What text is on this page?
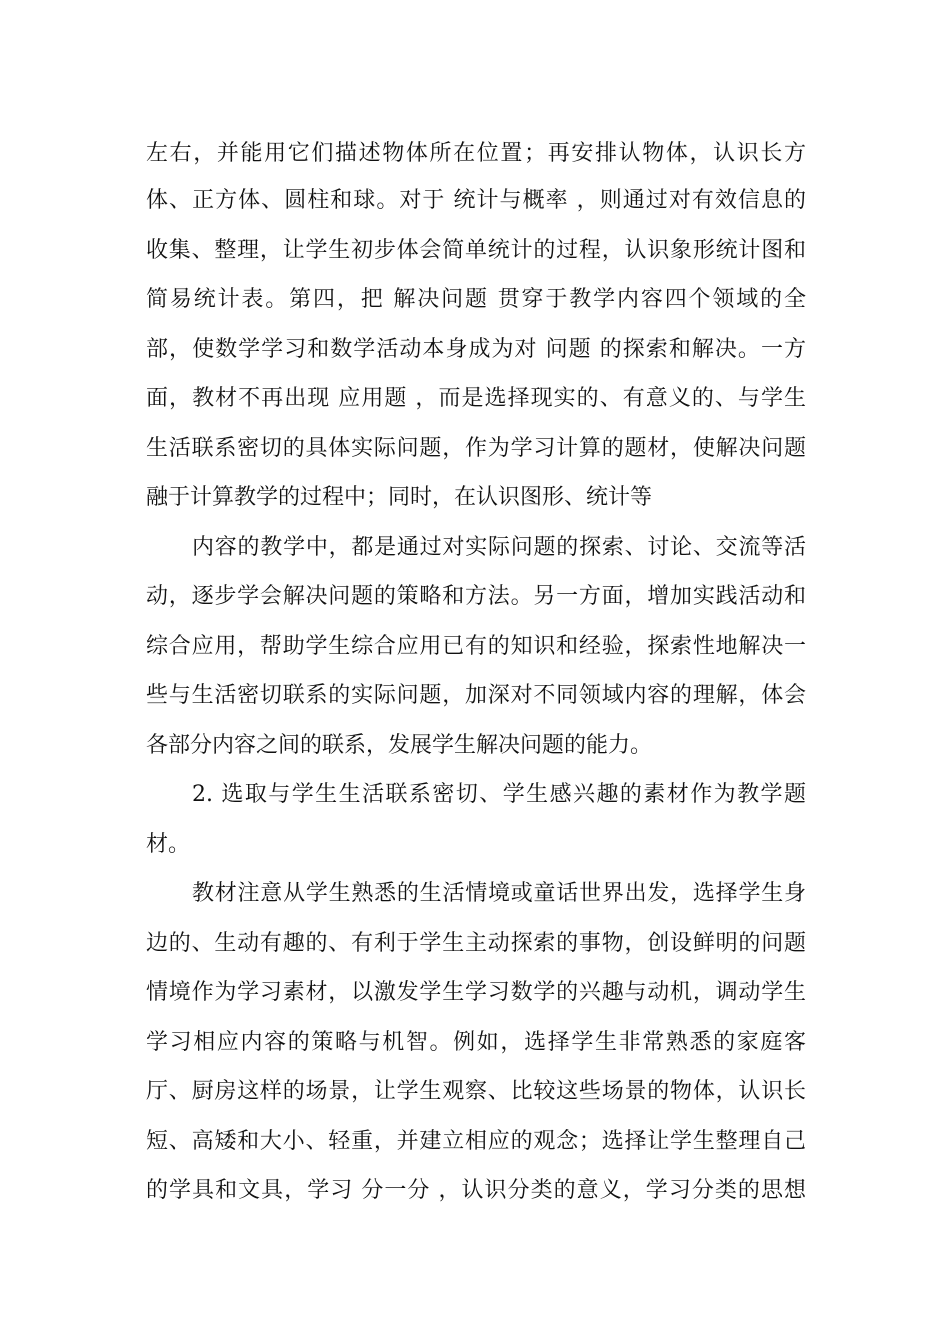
左右，并能用它们描述物体所在位置；再安排认物体，认识长方
体、正方体、圆柱和球。对于 统计与概率 ，则通过对有效信息的
收集、整理，让学生初步体会简单统计的过程，认识象形统计图和
简易统计表。第四，把 解决问题 贯穿于教学内容四个领域的全
部，使数学学习和数学活动本身成为对 问题 的探索和解决。一方
面，教材不再出现 应用题 ，而是选择现实的、有意义的、与学生
生活联系密切的具体实际问题，作为学习计算的题材，使解决问题
融于计算教学的过程中；同时，在认识图形、统计等
内容的教学中，都是通过对实际问题的探索、讨论、交流等活
动，逐步学会解决问题的策略和方法。另一方面，增加实践活动和
综合应用，帮助学生综合应用已有的知识和经验，探索性地解决一
些与生活密切联系的实际问题，加深对不同领域内容的理解，体会
各部分内容之间的联系，发展学生解决问题的能力。
2. 选取与学生生活联系密切、学生感兴趣的素材作为教学题
材。
教材注意从学生熟悉的生活情境或童话世界出发，选择学生身
边的、生动有趣的、有利于学生主动探索的事物，创设鲜明的问题
情境作为学习素材，以激发学生学习数学的兴趣与动机，调动学生
学习相应内容的策略与机智。例如，选择学生非常熟悉的家庭客
厅、厨房这样的场景，让学生观察、比较这些场景的物体，认识长
短、高矮和大小、轻重，并建立相应的观念；选择让学生整理自己
的学具和文具，学习 分一分 ，认识分类的意义，学习分类的思想
